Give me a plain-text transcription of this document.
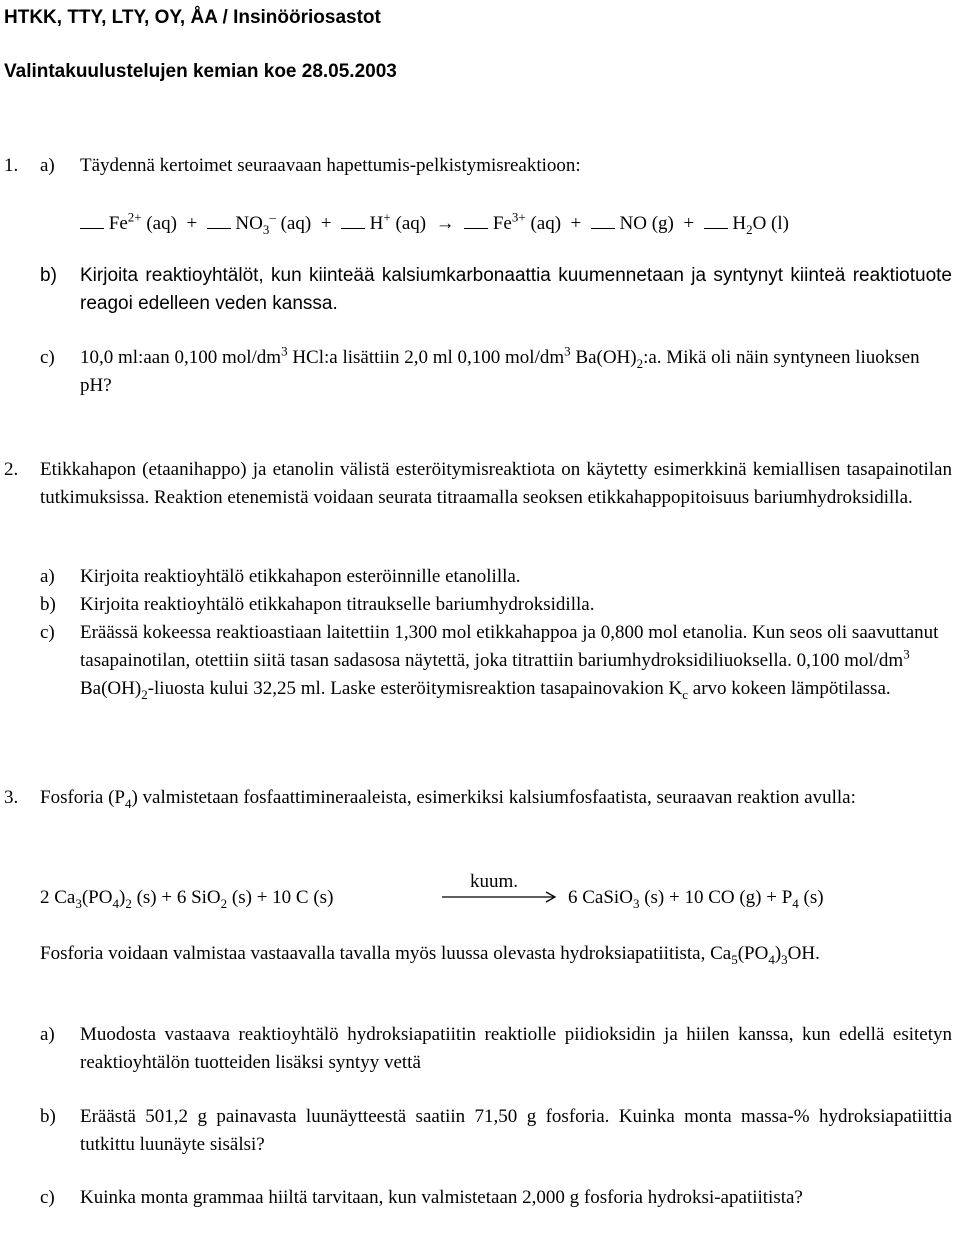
HTKK, TTY, LTY, OY, ÅA / Insinööriosastot
Valintakuulustelujen kemian koe 28.05.2003
1. a) Täydennä kertoimet seuraavaan hapettumis-pelkistymisreaktioon:
$Fe^{2+}$ $(aq) + NO_3^-$ (aq) + H+ $(aq) \to Fe^{3+}$ (aq) + NO $(g) + H_2O$ (l)
b) Kirjoita reaktioyhtälöt, kun kiinteää kalsiumkarbonaattia kuumennetaan ja syntynyt kiinteä reaktiotuote reagoi edelleen veden kanssa.
c) 10,0 ml:aan 0,100 mol/$dm^3$ HCl:a lisättiin 2,0 ml 0,100 mol/$dm^3$ $Ba(OH)_2:a$. Mikä oli näin syntyneen liuoksen pH?
2. Etikkahapon (etaanihappo) ja etanolin välistä esteröitymisreaktiota on käytetty esimerkkinä kemiallisen tasapainotilan tutkimuksissa. Reaktion etenemistä voidaan seurata titraamalla seoksen etikkahappopitoisuus bariumhydroksidilla.
a) Kirjoita reaktioyhtälö etikkahapon esteröinnille etanolilla.
b) Kirjoita reaktioyhtälö etikkahapon titraukselle bariumhydroksidilla.
c) Eräässä kokeessa reaktioastiaan laitettiin 1,300 mol etikkahappoa ja 0,800 mol etanolia. Kun seos oli saavuttanut tasapainotilan, otettiin siitä tasan sadasosa näytettä, joka titrattiin bariumhydroksidiliuoksella. 0,100 mol/$dm^3$ $Ba(OH)_2$-liuosta kului 32,25 ml. Laske esteröitymisreaktion tasapainovakion $K_c$ arvo kokeen lämpötilassa.
3. Fosforia $(P_4)$ valmistetaan fosfaattimineraaleista, esimerkiksi kalsiumfosfaatista, seuraavan reaktion avulla:
2 $Ca_3(PO_4)_2$ (s) + 6 SiO$_2$ (s) + 10 C (s)
kuum.
6 CaSiO$_3$ (s) + 10 CO $(g) + P_4$ (s)
Fosforia voidaan valmistaa vastaavalla tavalla myös luussa olevasta hydroksiapatiitista, $Ca_5(PO_4)_3OH$.
a) Muodosta vastaava reaktioyhtälö hydroksiapatiitin reaktiolle piidioksidin ja hiilen kanssa, kun edellä esitetyn reaktioyhtälön tuotteiden lisäksi syntyy vettä
b) Eräästä 501,2 g painavasta luunäytteestä saatiin 71,50 g fosforia. Kuinka monta massa-% hydroksiapatiittia tutkittu luunäyte sisälsi?
c) Kuinka monta grammaa hiiltä tarvitaan, kun valmistetaan 2,000 g fosforia hydroksi-apatiitista?
